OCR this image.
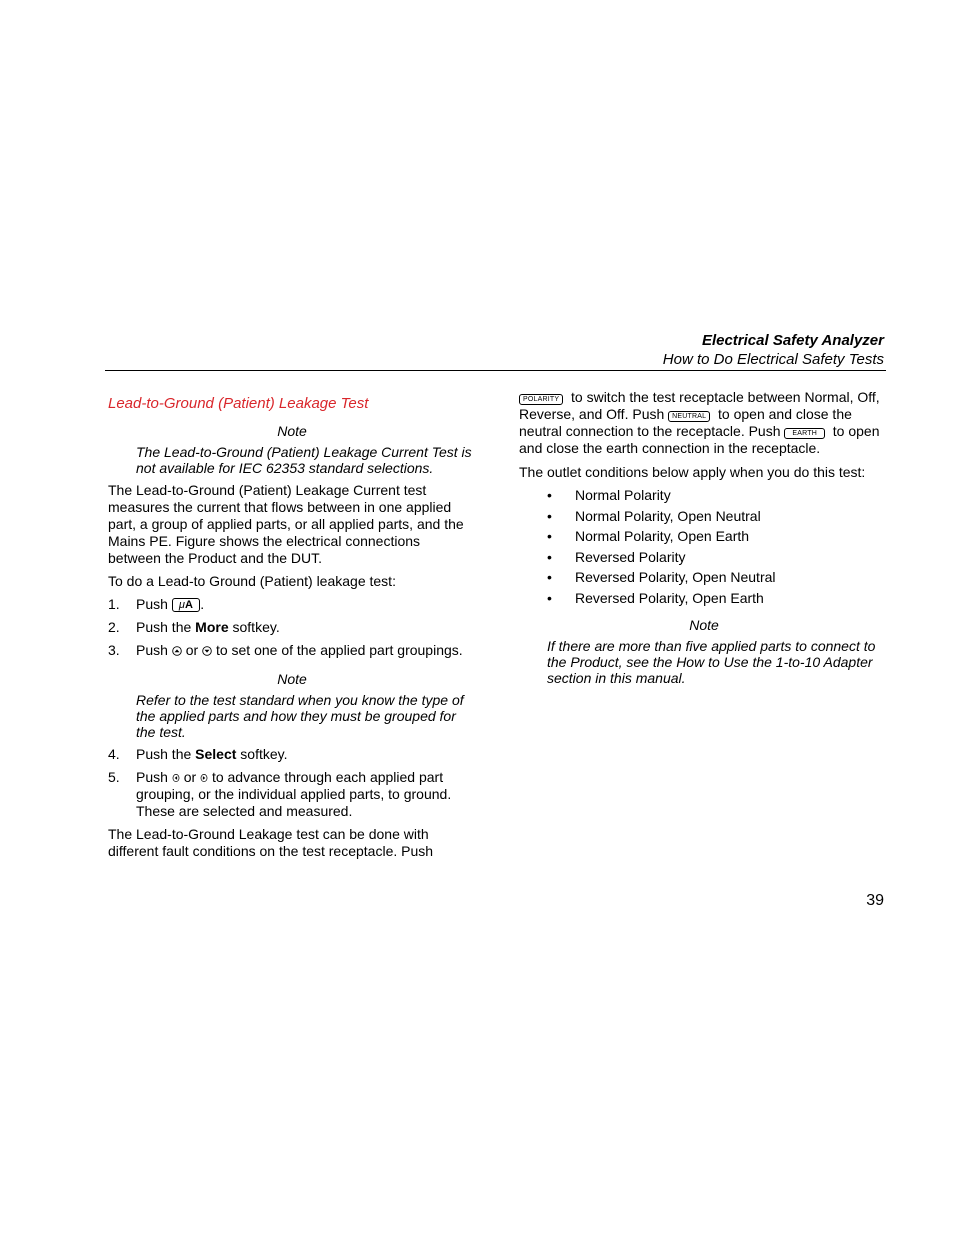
Electrical Safety Analyzer
How to Do Electrical Safety Tests
Lead-to-Ground (Patient) Leakage Test
Note
The Lead-to-Ground (Patient) Leakage Current Test is not available for IEC 62353 standard selections.

The Lead-to-Ground (Patient) Leakage Current test measures the current that flows between in one applied part, a group of applied parts, or all applied parts, and the Mains PE. Figure shows the electrical connections between the Product and the DUT.

To do a Lead-to Ground (Patient) leakage test:

1. Push μA .
2. Push the More softkey.
3. Push or to set one of the applied part groupings.
Note
Refer to the test standard when you know the type of the applied parts and how they must be grouped for the test.
4. Push the Select softkey.
5. Push or to advance through each applied part grouping, or the individual applied parts, to ground. These are selected and measured.

The Lead-to-Ground Leakage test can be done with different fault conditions on the test receptacle. Push

POLARITY to switch the test receptacle between Normal, Off, Reverse, and Off. Push NEUTRAL to open and close the neutral connection to the receptacle. Push EARTH to open and close the earth connection in the receptacle.

The outlet conditions below apply when you do this test:

• Normal Polarity
• Normal Polarity, Open Neutral
• Normal Polarity, Open Earth
• Reversed Polarity
• Reversed Polarity, Open Neutral
• Reversed Polarity, Open Earth
Note
If there are more than five applied parts to connect to the Product, see the How to Use the 1-to-10 Adapter section in this manual.
39
